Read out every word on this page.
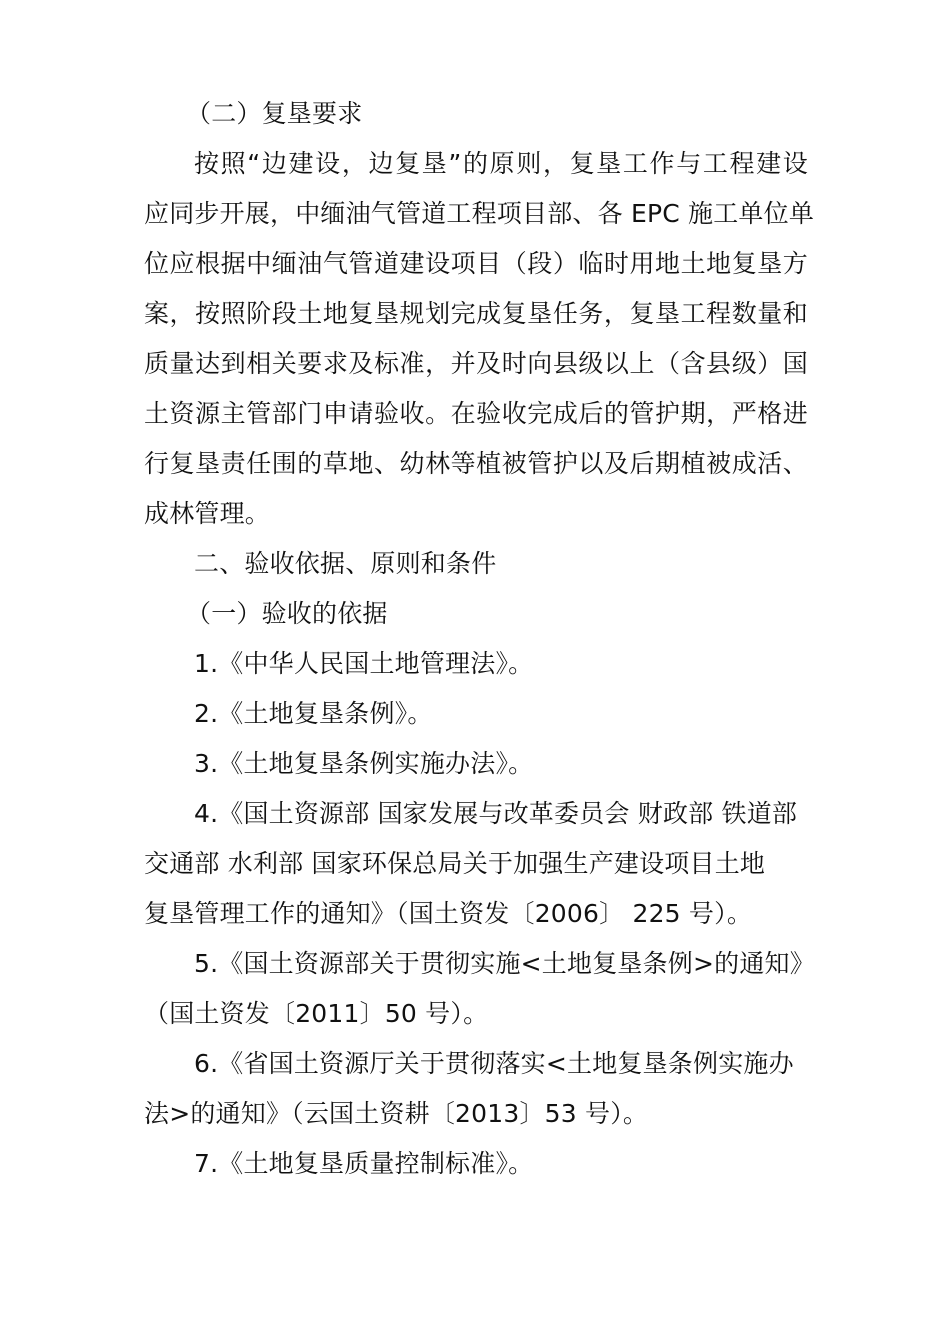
（二）复垦要求
按照“边建设，边复垦”的原则，复垦工作与工程建设
应同步开展，中缅油气管道工程项目部、各 EPC 施工单位单
位应根据中缅油气管道建设项目（段）临时用地土地复垦方
案，按照阶段土地复垦规划完成复垦任务，复垦工程数量和
质量达到相关要求及标准，并及时向县级以上（含县级）国
土资源主管部门申请验收。在验收完成后的管护期，严格进
行复垦责任围的草地、幼林等植被管护以及后期植被成活、
成林管理。
二、验收依据、原则和条件
（一）验收的依据
1.《中华人民国土地管理法》。
2.《土地复垦条例》。
3.《土地复垦条例实施办法》。
4.《国土资源部 国家发展与改革委员会 财政部 铁道部
交通部 水利部 国家环保总局关于加强生产建设项目土地
复垦管理工作的通知》（国土资发〔2006〕 225 号）。
5.《国土资源部关于贯彻实施<土地复垦条例>的通知》
（国土资发〔2011〕50 号）。
6.《省国土资源厅关于贯彻落实<土地复垦条例实施办
法>的通知》（云国土资耕〔2013〕53 号）。
7.《土地复垦质量控制标准》。
